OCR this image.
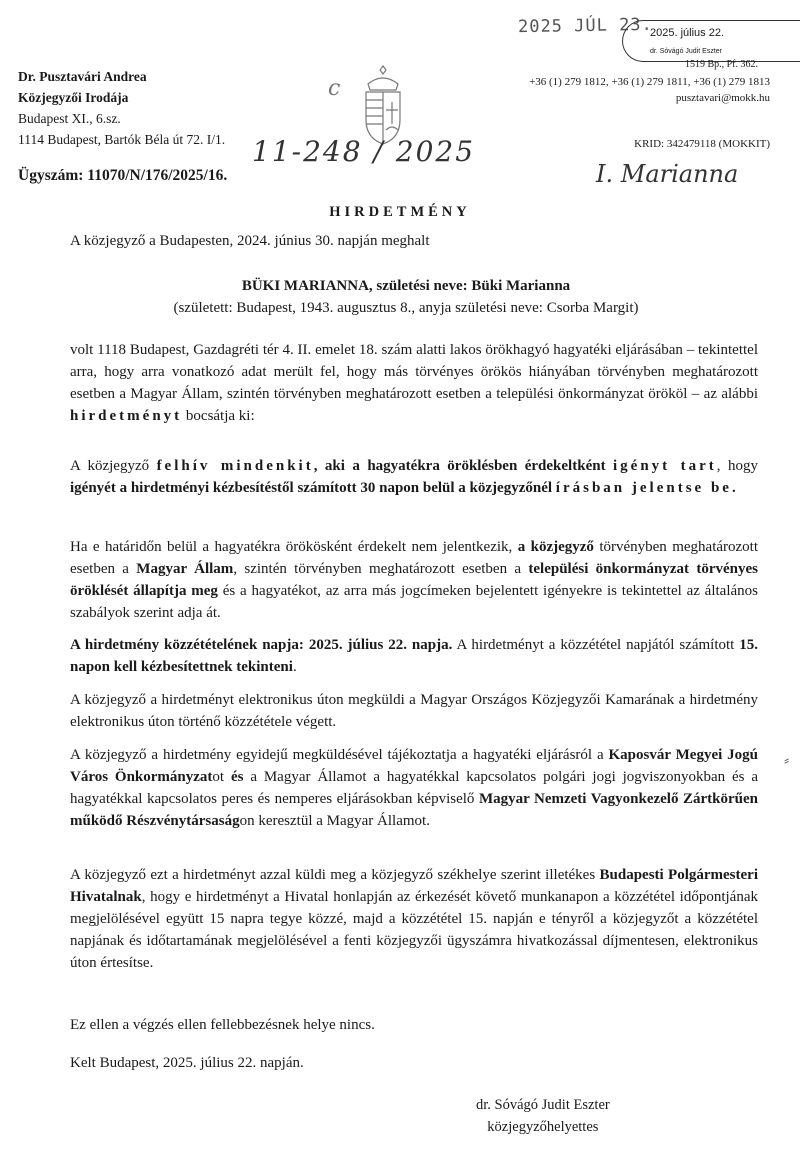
2025 JÚL 23.
2025. július 22.
dr. Sóvágó Judit Eszter
1519 Bp., Pf. 362.
Dr. Pusztavári Andrea
Közjegyzői Irodája
Budapest XI., 6.sz.
1114 Budapest, Bartók Béla út 72. I/1.
+36 (1) 279 1812, +36 (1) 279 1811, +36 (1) 279 1813
pusztavari@mokk.hu
KRID: 342479118 (MOKKIT)
c
11-248 / 2025
I. Marianna
⸗
Ügyszám: 11070/N/176/2025/16.
HIRDETMÉNY
A közjegyző a Budapesten, 2024. június 30. napján meghalt
BÜKI MARIANNA, születési neve: Büki Marianna
(született: Budapest, 1943. augusztus 8., anyja születési neve: Csorba Margit)
volt 1118 Budapest, Gazdagréti tér 4. II. emelet 18. szám alatti lakos örökhagyó hagyatéki eljárásában – tekintettel arra, hogy arra vonatkozó adat merült fel, hogy más törvényes örökös hiányában törvényben meghatározott esetben a Magyar Állam, szintén törvényben meghatározott esetben a települési önkormányzat örököl – az alábbi hirdetményt bocsátja ki:
A közjegyző felhív mindenkit, aki a hagyatékra öröklésben érdekeltként igényt tart, hogy igényét a hirdetményi kézbesítéstől számított 30 napon belül a közjegyzőnél írásban jelentse be.
Ha e határidőn belül a hagyatékra örökösként érdekelt nem jelentkezik, a közjegyző törvényben meghatározott esetben a Magyar Állam, szintén törvényben meghatározott esetben a települési önkormányzat törvényes öröklését állapítja meg és a hagyatékot, az arra más jogcímeken bejelentett igényekre is tekintettel az általános szabályok szerint adja át.
A hirdetmény közzétételének napja: 2025. július 22. napja. A hirdetményt a közzététel napjától számított 15. napon kell kézbesítettnek tekinteni.
A közjegyző a hirdetményt elektronikus úton megküldi a Magyar Országos Közjegyzői Kamarának a hirdetmény elektronikus úton történő közzététele végett.
A közjegyző a hirdetmény egyidejű megküldésével tájékoztatja a hagyatéki eljárásról a Kaposvár Megyei Jogú Város Önkormányzatot és a Magyar Államot a hagyatékkal kapcsolatos polgári jogi jogviszonyokban és a hagyatékkal kapcsolatos peres és nemperes eljárásokban képviselő Magyar Nemzeti Vagyonkezelő Zártkörűen működő Részvénytársaságon keresztül a Magyar Államot.
A közjegyző ezt a hirdetményt azzal küldi meg a közjegyző székhelye szerint illetékes Budapesti Polgármesteri Hivatalnak, hogy e hirdetményt a Hivatal honlapján az érkezését követő munkanapon a közzététel időpontjának megjelölésével együtt 15 napra tegye közzé, majd a közzététel 15. napján e tényről a közjegyzőt a közzététel napjának és időtartamának megjelölésével a fenti közjegyzői ügyszámra hivatkozással díjmentesen, elektronikus úton értesítse.
Ez ellen a végzés ellen fellebbezésnek helye nincs.
Kelt Budapest, 2025. július 22. napján.
dr. Sóvágó Judit Eszter
közjegyzőhelyettes
